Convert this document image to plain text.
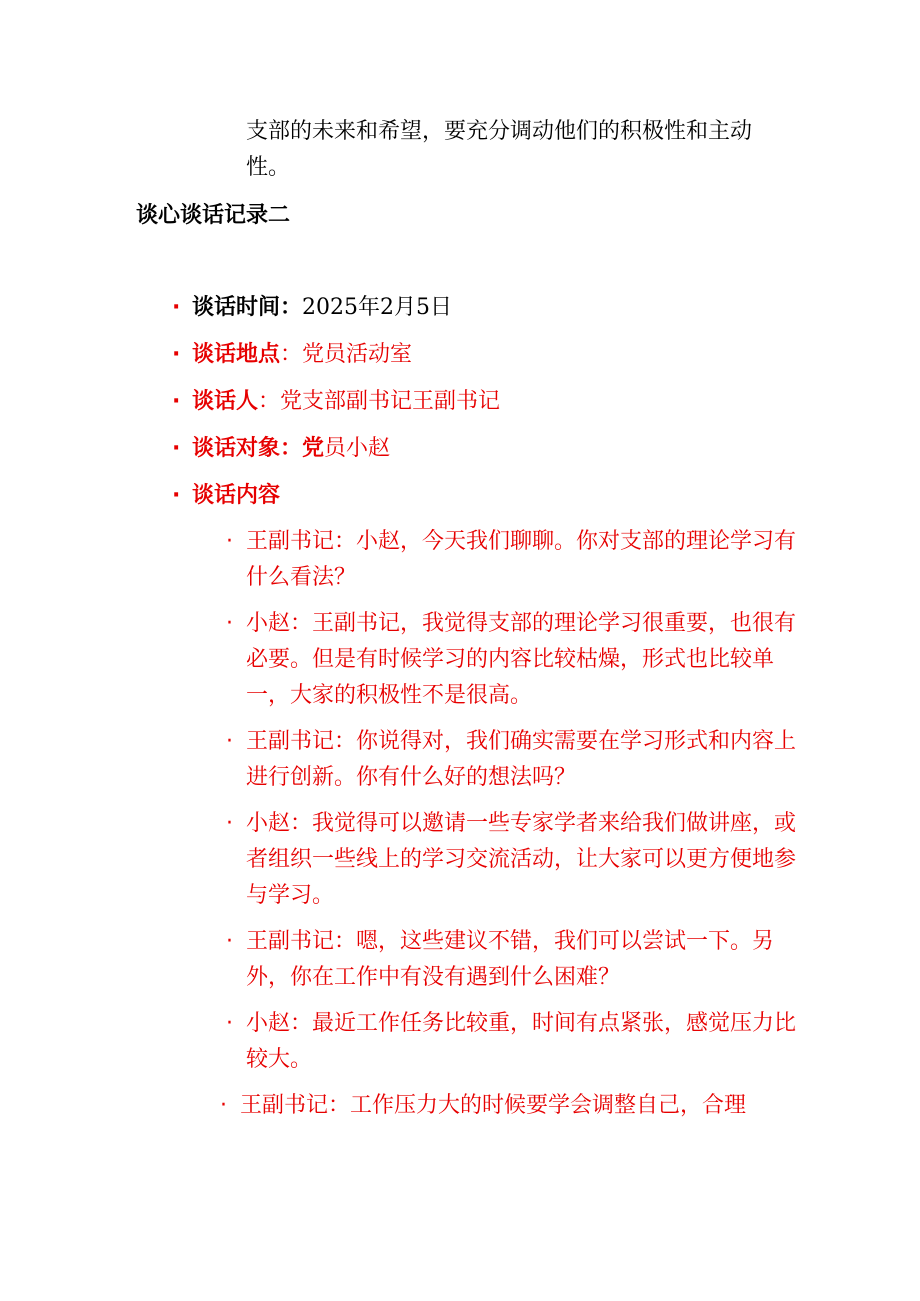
支部的未来和希望，要充分调动他们的积极性和主动性。

谈心谈话记录二
· 谈话时间：2025年2月5日
· 谈话地点：党员活动室
· 谈话人：党支部副书记王副书记
· 谈话对象：党员小赵
· 谈话内容
· 王副书记：小赵，今天我们聊聊。你对支部的理论学习有什么看法？
· 小赵：王副书记，我觉得支部的理论学习很重要，也很有必要。但是有时候学习的内容比较枯燥，形式也比较单一，大家的积极性不是很高。
· 王副书记：你说得对，我们确实需要在学习形式和内容上进行创新。你有什么好的想法吗？
· 小赵：我觉得可以邀请一些专家学者来给我们做讲座，或者组织一些线上的学习交流活动，让大家可以更方便地参与学习。
· 王副书记：嗯，这些建议不错，我们可以尝试一下。另外，你在工作中有没有遇到什么困难？
· 小赵：最近工作任务比较重，时间有点紧张，感觉压力比较大。
· 王副书记：工作压力大的时候要学会调整自己，合理
